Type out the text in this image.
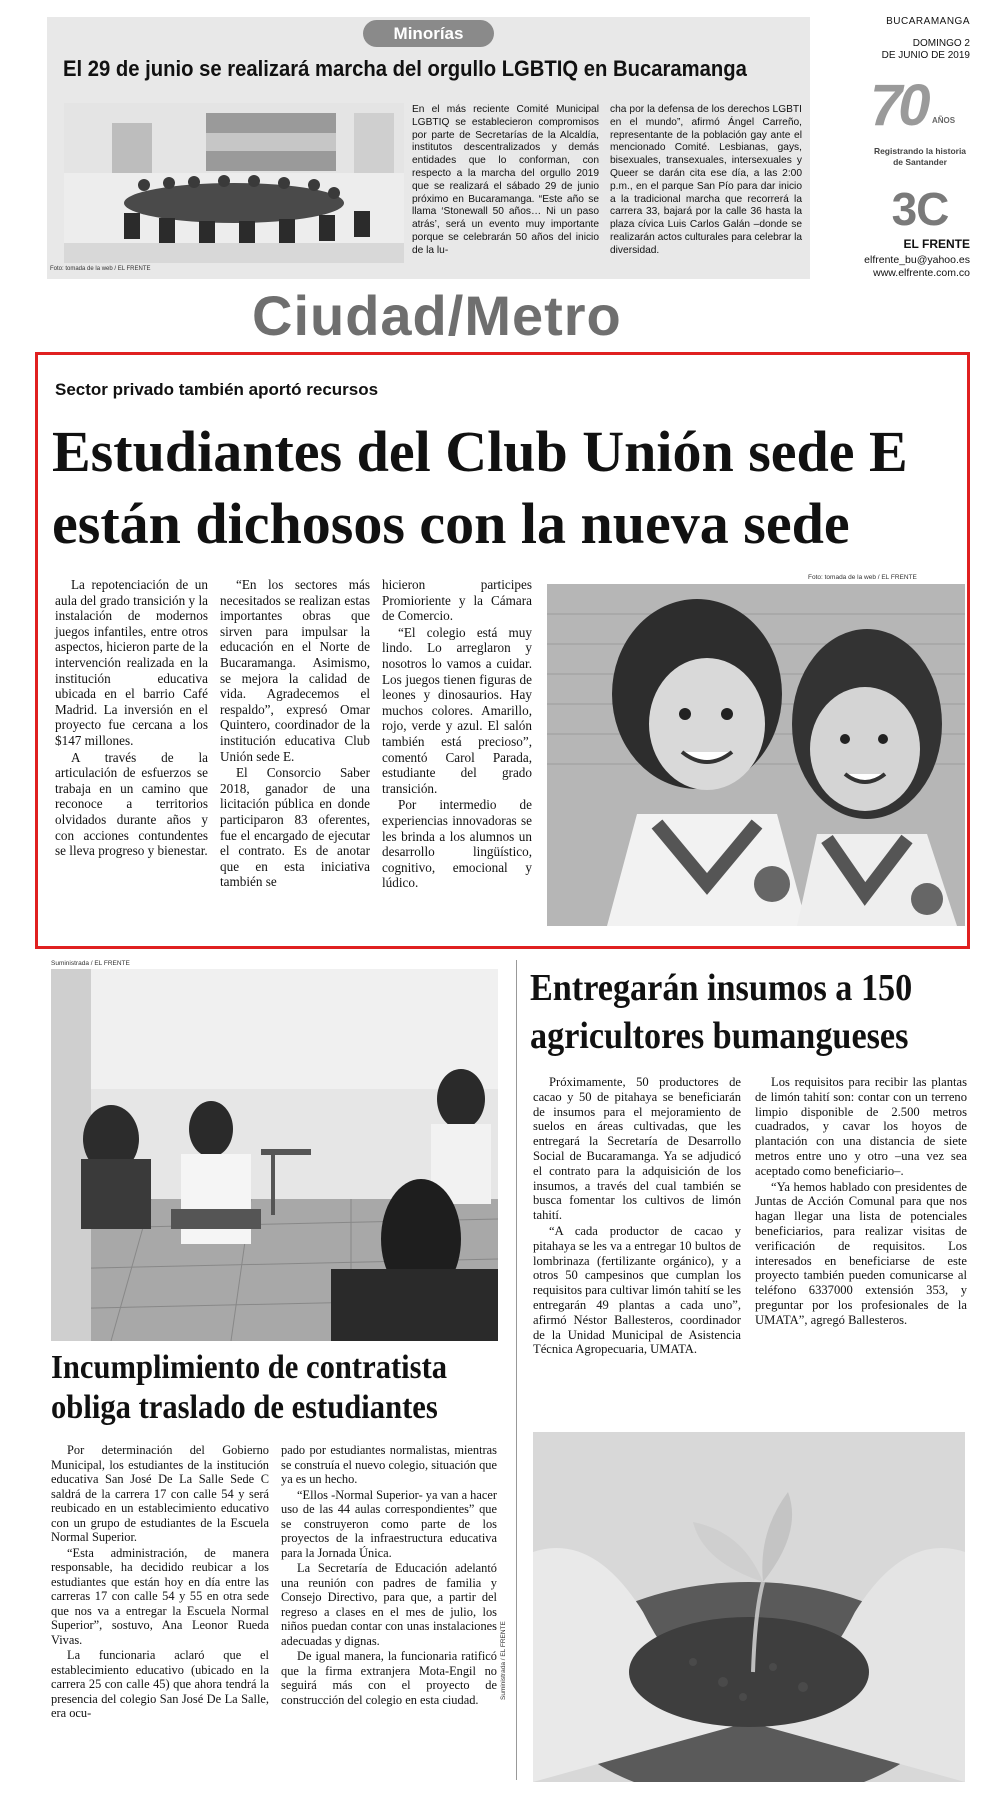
Minorías
El 29 de junio se realizará marcha del orgullo LGBTIQ en Bucaramanga
Foto: tomada de la web / EL FRENTE
En el más reciente Comité Municipal LGBTIQ se establecieron compromisos por parte de Secretarías de la Alcaldía, institutos descentralizados y demás entidades que lo conforman, con respecto a la marcha del orgullo 2019 que se realizará el sábado 29 de junio próximo en Bucaramanga. “Este año se llama ‘Stonewall 50 años… Ni un paso atrás’, será un evento muy importante porque se celebrarán 50 años del inicio de la lu-
cha por la defensa de los derechos LGBTI en el mundo”, afirmó Ángel Carreño, representante de la población gay ante el mencionado Comité. Lesbianas, gays, bisexuales, transexuales, intersexuales y Queer se darán cita ese día, a las 2:00 p.m., en el parque San Pío para dar inicio a la tradicional marcha que recorrerá la carrera 33, bajará por la calle 36 hasta la plaza cívica Luis Carlos Galán –donde se realizarán actos culturales para celebrar la diversidad.
BUCARAMANGA
DOMINGO 2
DE JUNIO DE 2019
70 AÑOS
Registrando la historia
de Santander
3C
EL FRENTE
elfrente_bu@yahoo.es
www.elfrente.com.co
Ciudad/Metro
Sector privado también aportó recursos
Estudiantes del Club Unión sede E
están dichosos con la nueva sede

La repotenciación de un aula del grado transición y la instalación de modernos juegos infantiles, entre otros aspectos, hicieron parte de la intervención realizada en la institución educativa ubicada en el barrio Café Madrid. La inversión en el proyecto fue cercana a los $147 millones.

A través de la articulación de esfuerzos se trabaja en un camino que reconoce a territorios olvidados durante años y con acciones contundentes se lleva progreso y bienestar.

“En los sectores más necesitados se realizan estas importantes obras que sirven para impulsar la educación en el Norte de Bucaramanga. Asimismo, se mejora la calidad de vida. Agradecemos el respaldo”, expresó Omar Quintero, coordinador de la institución educativa Club Unión sede E.

El Consorcio Saber 2018, ganador de una licitación pública en donde participaron 83 oferentes, fue el encargado de ejecutar el contrato. Es de anotar que en esta iniciativa también se

hicieron participes Promioriente y la Cámara de Comercio.

“El colegio está muy lindo. Lo arreglaron y nosotros lo vamos a cuidar. Los juegos tienen figuras de leones y dinosaurios. Hay muchos colores. Amarillo, rojo, verde y azul. El salón también está precioso”, comentó Carol Parada, estudiante del grado transición.

Por intermedio de experiencias innovadoras se les brinda a los alumnos un desarrollo lingüístico, cognitivo, emocional y lúdico.

Foto: tomada de la web / EL FRENTE
Suministrada / EL FRENTE
Incumplimiento de contratista
obliga traslado de estudiantes

Por determinación del Gobierno Municipal, los estudiantes de la institución educativa San José De La Salle Sede C saldrá de la carrera 17 con calle 54 y será reubicado en un establecimiento educativo con un grupo de estudiantes de la Escuela Normal Superior.

“Esta administración, de manera responsable, ha decidido reubicar a los estudiantes que están hoy en día entre las carreras 17 con calle 54 y 55 en otra sede que nos va a entregar la Escuela Normal Superior”, sostuvo, Ana Leonor Rueda Vivas.

La funcionaria aclaró que el establecimiento educativo (ubicado en la carrera 25 con calle 45) que ahora tendrá la presencia del colegio San José De La Salle, era ocu-

pado por estudiantes normalistas, mientras se construía el nuevo colegio, situación que ya es un hecho.

“Ellos -Normal Superior- ya van a hacer uso de las 44 aulas correspondientes” que se construyeron como parte de los proyectos de la infraestructura educativa para la Jornada Única.

La Secretaría de Educación adelantó una reunión con padres de familia y Consejo Directivo, para que, a partir del regreso a clases en el mes de julio, los niños puedan contar con unas instalaciones adecuadas y dignas.

De igual manera, la funcionaria ratificó que la firma extranjera Mota-Engil no seguirá más con el proyecto de construcción del colegio en esta ciudad.

Entregarán insumos a 150
agricultores bumangueses

Próximamente, 50 productores de cacao y 50 de pitahaya se beneficiarán de insumos para el mejoramiento de suelos en áreas cultivadas, que les entregará la Secretaría de Desarrollo Social de Bucaramanga. Ya se adjudicó el contrato para la adquisición de los insumos, a través del cual también se busca fomentar los cultivos de limón tahití.

“A cada productor de cacao y pitahaya se les va a entregar 10 bultos de lombrinaza (fertilizante orgánico), y a otros 50 campesinos que cumplan los requisitos para cultivar limón tahití se les entregarán 49 plantas a cada uno”, afirmó Néstor Ballesteros, coordinador de la Unidad Municipal de Asistencia Técnica Agropecuaria, UMATA.

Los requisitos para recibir las plantas de limón tahití son: contar con un terreno limpio disponible de 2.500 metros cuadrados, y cavar los hoyos de plantación con una distancia de siete metros entre uno y otro –una vez sea aceptado como beneficiario–.

“Ya hemos hablado con presidentes de Juntas de Acción Comunal para que nos hagan llegar una lista de potenciales beneficiarios, para realizar visitas de verificación de requisitos. Los interesados en beneficiarse de este proyecto también pueden comunicarse al teléfono 6337000 extensión 353, y preguntar por los profesionales de la UMATA”, agregó Ballesteros.

Suministrada / EL FRENTE
